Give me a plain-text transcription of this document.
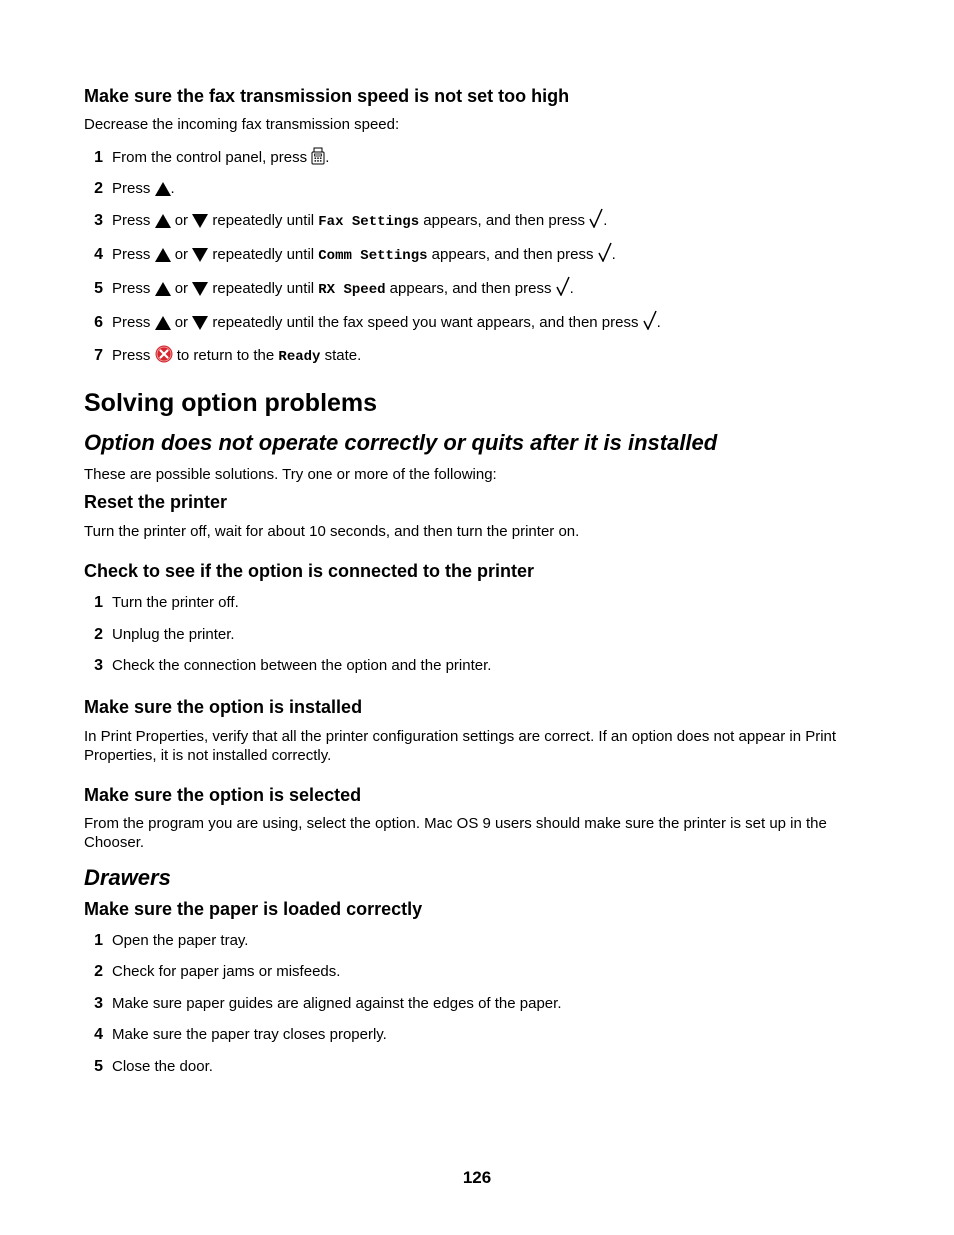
Make sure the fax transmission speed is not set too high
Decrease the incoming fax transmission speed:
1 From the control panel, press .
2 Press .
3 Press or repeatedly until Fax Settings appears, and then press .
4 Press or repeatedly until Comm Settings appears, and then press .
5 Press or repeatedly until RX Speed appears, and then press .
6 Press or repeatedly until the fax speed you want appears, and then press .
7 Press to return to the Ready state.
Solving option problems
Option does not operate correctly or quits after it is installed
These are possible solutions. Try one or more of the following:
Reset the printer
Turn the printer off, wait for about 10 seconds, and then turn the printer on.
Check to see if the option is connected to the printer
1 Turn the printer off.
2 Unplug the printer.
3 Check the connection between the option and the printer.
Make sure the option is installed
In Print Properties, verify that all the printer configuration settings are correct. If an option does not appear in Print Properties, it is not installed correctly.
Make sure the option is selected
From the program you are using, select the option. Mac OS 9 users should make sure the printer is set up in the Chooser.
Drawers
Make sure the paper is loaded correctly
1 Open the paper tray.
2 Check for paper jams or misfeeds.
3 Make sure paper guides are aligned against the edges of the paper.
4 Make sure the paper tray closes properly.
5 Close the door.
126
